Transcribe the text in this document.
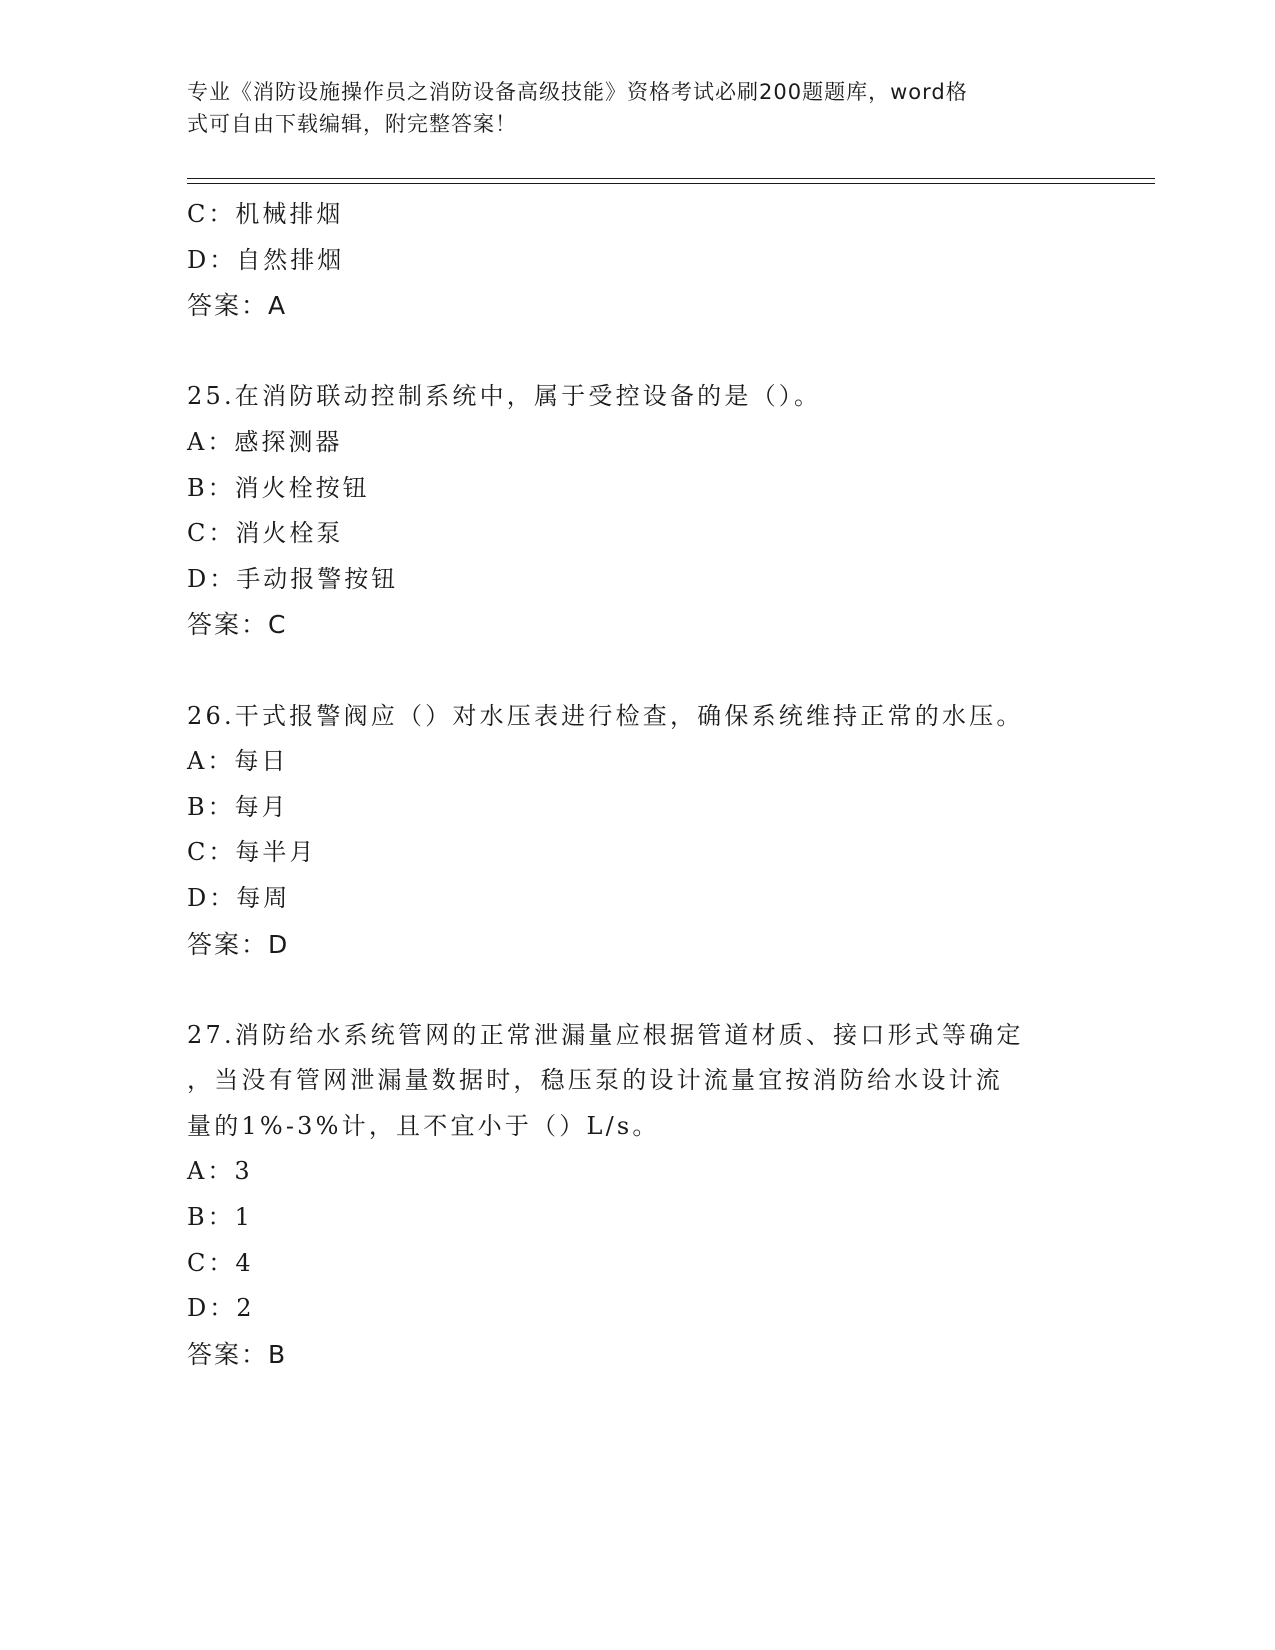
专业《消防设施操作员之消防设备高级技能》资格考试必刷200题题库，word格
式可自由下载编辑，附完整答案！
C：机械排烟
D：自然排烟
答案：A
25.在消防联动控制系统中，属于受控设备的是（）。
A：感探测器
B：消火栓按钮
C：消火栓泵
D：手动报警按钮
答案：C
26.干式报警阀应（）对水压表进行检查，确保系统维持正常的水压。
A：每日
B：每月
C：每半月
D：每周
答案：D
27.消防给水系统管网的正常泄漏量应根据管道材质、接口形式等确定
，当没有管网泄漏量数据时，稳压泵的设计流量宜按消防给水设计流
量的1%-3%计，且不宜小于（）L/s。
A：3
B：1
C：4
D：2
答案：B
